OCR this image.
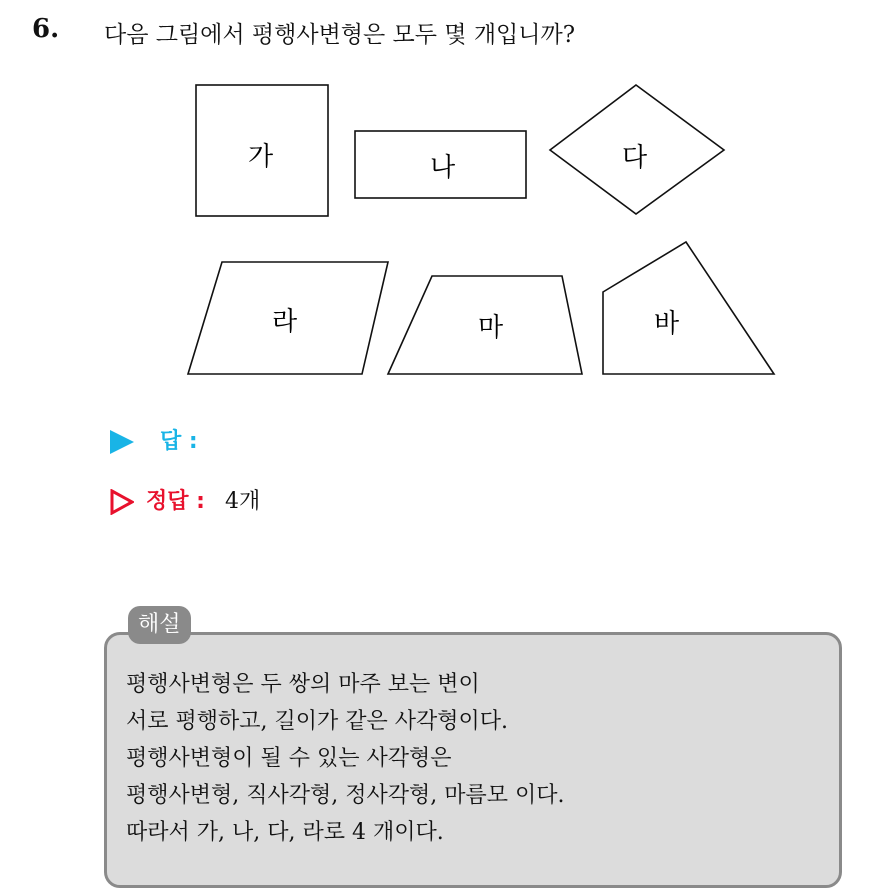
6. 다음 그림에서 평행사변형은 모두 몇 개입니까?
가	나	다
라	마	바
답 :
정답 : 4개
해설
평행사변형은 두 쌍의 마주 보는 변이
서로 평행하고, 길이가 같은 사각형이다.
평행사변형이 될 수 있는 사각형은
평행사변형, 직사각형, 정사각형, 마름모 이다.
따라서 가, 나, 다, 라로 4 개이다.
